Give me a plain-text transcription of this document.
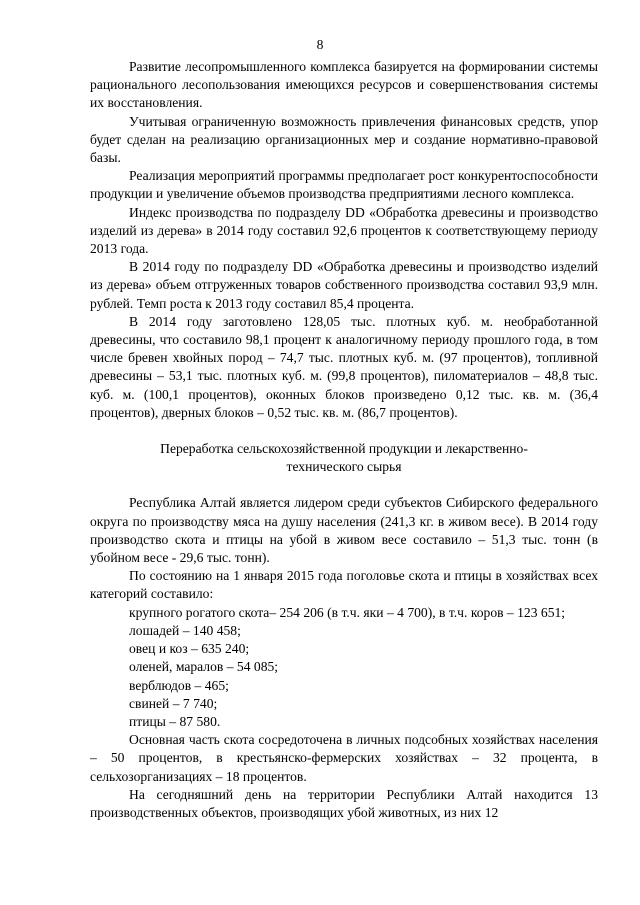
8

Развитие лесопромышленного комплекса базируется на формировании системы рационального лесопользования имеющихся ресурсов и совершенствования системы их восстановления.

Учитывая ограниченную возможность привлечения финансовых средств, упор будет сделан на реализацию организационных мер и создание нормативно-правовой базы.

Реализация мероприятий программы предполагает рост конкурентоспособности продукции и увеличение объемов производства предприятиями лесного комплекса.

Индекс производства по подразделу DD «Обработка древесины и производство изделий из дерева» в 2014 году составил 92,6 процентов к соответствующему периоду 2013 года.

В 2014 году по подразделу DD «Обработка древесины и производство изделий из дерева» объем отгруженных товаров собственного производства составил 93,9 млн. рублей. Темп роста к 2013 году составил 85,4 процента.

В 2014 году заготовлено 128,05 тыс. плотных куб. м. необработанной древесины, что составило 98,1 процент к аналогичному периоду прошлого года, в том числе бревен хвойных пород – 74,7 тыс. плотных куб. м. (97 процентов), топливной древесины – 53,1 тыс. плотных куб. м. (99,8 процентов), пиломатериалов – 48,8 тыс. куб. м. (100,1 процентов), оконных блоков произведено 0,12 тыс. кв. м. (36,4 процентов), дверных блоков – 0,52 тыс. кв. м. (86,7 процентов).

Переработка сельскохозяйственной продукции и лекарственно-технического сырья

Республика Алтай является лидером среди субъектов Сибирского федерального округа по производству мяса на душу населения (241,3 кг. в живом весе). В 2014 году производство скота и птицы на убой в живом весе составило – 51,3 тыс. тонн (в убойном весе - 29,6 тыс. тонн).

По состоянию на 1 января 2015 года поголовье скота и птицы в хозяйствах всех категорий составило:

крупного рогатого скота– 254 206 (в т.ч. яки – 4 700), в т.ч. коров – 123 651;

лошадей – 140 458;

овец и коз – 635 240;

оленей, маралов – 54 085;

верблюдов – 465;

свиней – 7 740;

птицы – 87 580.

Основная часть скота сосредоточена в личных подсобных хозяйствах населения – 50 процентов, в крестьянско-фермерских хозяйствах – 32 процента, в сельхозорганизациях – 18 процентов.

На сегодняшний день на территории Республики Алтай находится 13 производственных объектов, производящих убой животных, из них 12
